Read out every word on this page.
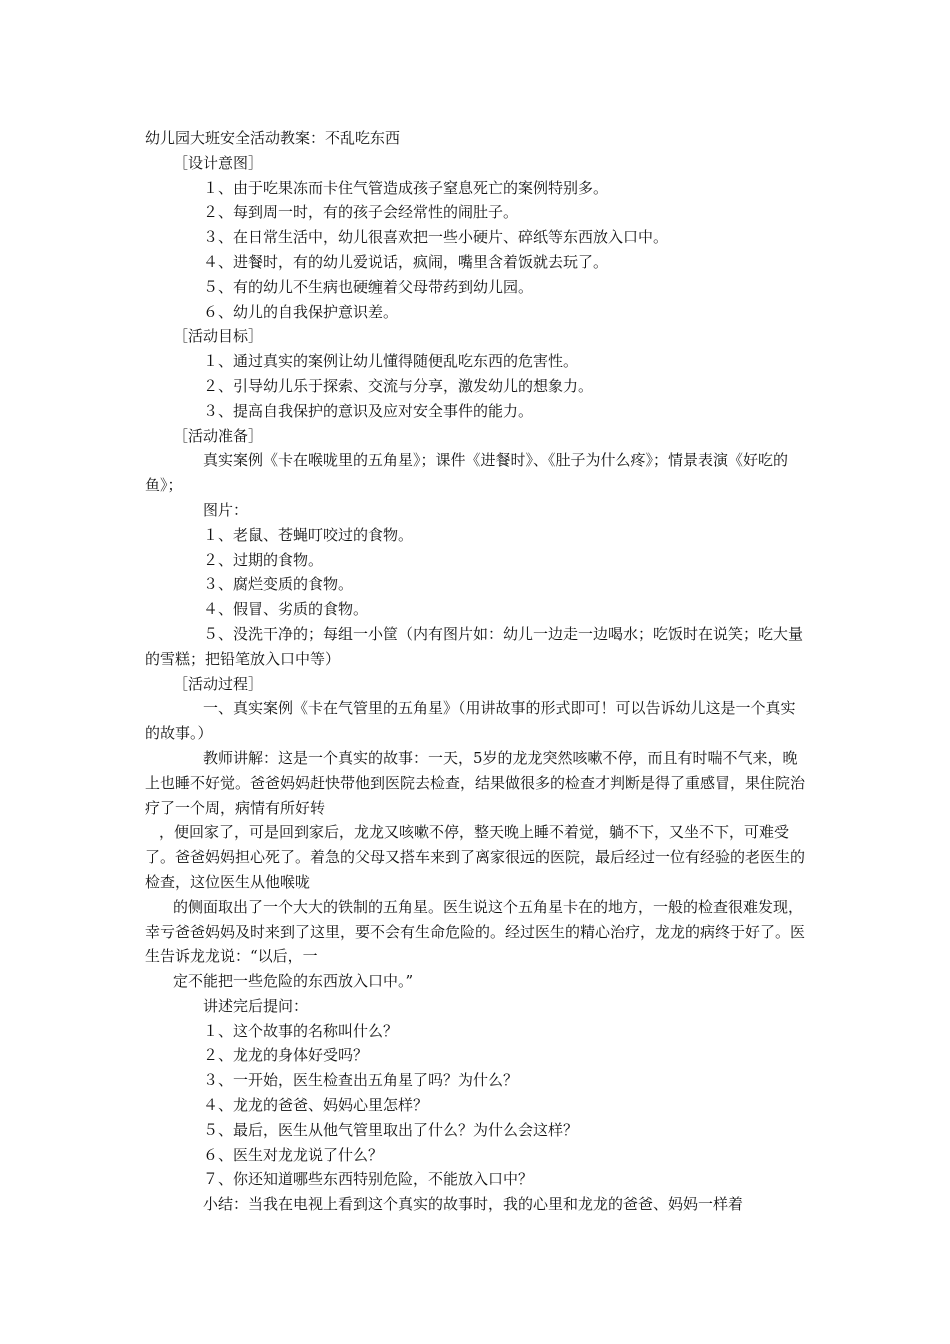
幼儿园大班安全活动教案：不乱吃东西
［设计意图］
１、由于吃果冻而卡住气管造成孩子窒息死亡的案例特别多。
２、每到周一时，有的孩子会经常性的闹肚子。
３、在日常生活中，幼儿很喜欢把一些小硬片、碎纸等东西放入口中。
４、进餐时，有的幼儿爱说话，疯闹，嘴里含着饭就去玩了。
５、有的幼儿不生病也硬缠着父母带药到幼儿园。
６、幼儿的自我保护意识差。
［活动目标］
１、通过真实的案例让幼儿懂得随便乱吃东西的危害性。
２、引导幼儿乐于探索、交流与分享，激发幼儿的想象力。
３、提高自我保护的意识及应对安全事件的能力。
［活动准备］
真实案例《卡在喉咙里的五角星》；课件《进餐时》、《肚子为什么疼》；情景表演《好吃的鱼》；
图片：
１、老鼠、苍蝇叮咬过的食物。
２、过期的食物。
３、腐烂变质的食物。
４、假冒、劣质的食物。
５、没洗干净的；每组一小筐（内有图片如：幼儿一边走一边喝水；吃饭时在说笑；吃大量的雪糕；把铅笔放入口中等）
［活动过程］
一、真实案例《卡在气管里的五角星》（用讲故事的形式即可！可以告诉幼儿这是一个真实的故事。）
教师讲解：这是一个真实的故事：一天，5岁的龙龙突然咳嗽不停，而且有时喘不气来，晚上也睡不好觉。爸爸妈妈赶快带他到医院去检查，结果做很多的检查才判断是得了重感冒，果住院治疗了一个周，病情有所好转
，便回家了，可是回到家后，龙龙又咳嗽不停，整天晚上睡不着觉，躺不下，又坐不下，可难受了。爸爸妈妈担心死了。着急的父母又搭车来到了离家很远的医院，最后经过一位有经验的老医生的检查，这位医生从他喉咙
的侧面取出了一个大大的铁制的五角星。医生说这个五角星卡在的地方，一般的检查很难发现，幸亏爸爸妈妈及时来到了这里，要不会有生命危险的。经过医生的精心治疗，龙龙的病终于好了。医生告诉龙龙说：“以后，一
定不能把一些危险的东西放入口中。”
讲述完后提问：
１、这个故事的名称叫什么？
２、龙龙的身体好受吗？
３、一开始，医生检查出五角星了吗？为什么？
４、龙龙的爸爸、妈妈心里怎样？
５、最后，医生从他气管里取出了什么？为什么会这样？
６、医生对龙龙说了什么？
７、你还知道哪些东西特别危险，不能放入口中？
小结：当我在电视上看到这个真实的故事时，我的心里和龙龙的爸爸、妈妈一样着
